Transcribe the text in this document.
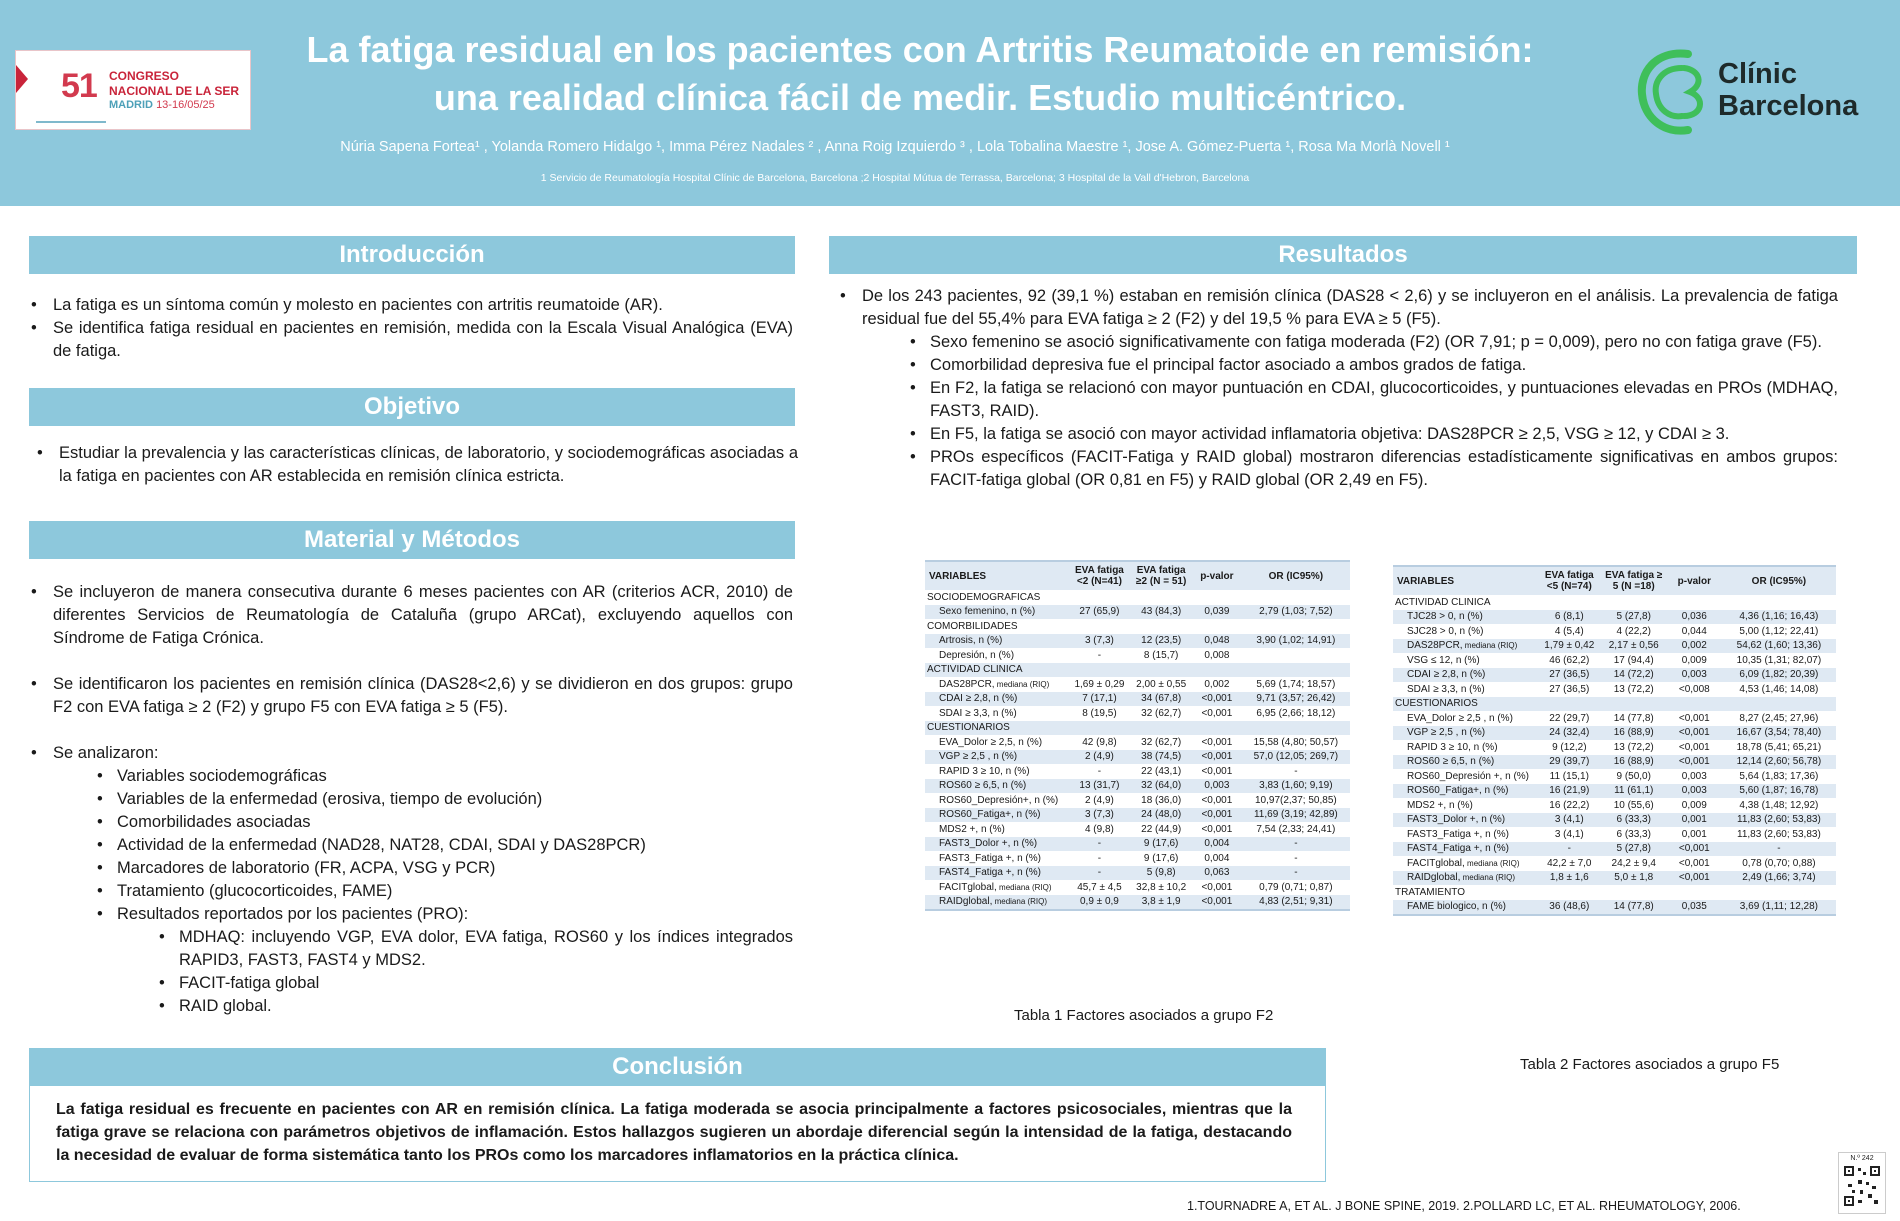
51 CONGRESO
NACIONAL DE LA SER
MADRID 13-16/05/25
La fatiga residual en los pacientes con Artritis Reumatoide en remisión:
una realidad clínica fácil de medir. Estudio multicéntrico.
Núria Sapena Fortea¹ , Yolanda Romero Hidalgo ¹, Imma Pérez Nadales ² , Anna Roig Izquierdo ³ , Lola Tobalina Maestre ¹, Jose A. Gómez-Puerta ¹, Rosa Ma Morlà Novell ¹
1 Servicio de Reumatología Hospital Clínic de Barcelona, Barcelona ;2 Hospital Mútua de Terrassa, Barcelona; 3 Hospital de la Vall d'Hebron, Barcelona
Clínic
Barcelona
Introducción
• La fatiga es un síntoma común y molesto en pacientes con artritis reumatoide (AR).
• Se identifica fatiga residual en pacientes en remisión, medida con la Escala Visual Analógica (EVA) de fatiga.
Objetivo
• Estudiar la prevalencia y las características clínicas, de laboratorio, y sociodemográficas asociadas a la fatiga en pacientes con AR establecida en remisión clínica estricta.
Material y Métodos
• Se incluyeron de manera consecutiva durante 6 meses pacientes con AR (criterios ACR, 2010) de diferentes Servicios de Reumatología de Cataluña (grupo ARCat), excluyendo aquellos con Síndrome de Fatiga Crónica.
• Se identificaron los pacientes en remisión clínica (DAS28<2,6) y se dividieron en dos grupos: grupo F2 con EVA fatiga ≥ 2 (F2) y grupo F5 con EVA fatiga ≥ 5 (F5).
• Se analizaron:
• Variables sociodemográficas
• Variables de la enfermedad (erosiva, tiempo de evolución)
• Comorbilidades asociadas
• Actividad de la enfermedad (NAD28, NAT28, CDAI, SDAI y DAS28PCR)
• Marcadores de laboratorio (FR, ACPA, VSG y PCR)
• Tratamiento (glucocorticoides, FAME)
• Resultados reportados por los pacientes (PRO):
• MDHAQ: incluyendo VGP, EVA dolor, EVA fatiga, ROS60 y los índices integrados RAPID3, FAST3, FAST4 y MDS2.
• FACIT-fatiga global
• RAID global.
Resultados
• De los 243 pacientes, 92 (39,1 %) estaban en remisión clínica (DAS28 < 2,6) y se incluyeron en el análisis. La prevalencia de fatiga residual fue del 55,4% para EVA fatiga ≥ 2 (F2) y del 19,5 % para EVA ≥ 5 (F5).
• Sexo femenino se asoció significativamente con fatiga moderada (F2) (OR 7,91; p = 0,009), pero no con fatiga grave (F5).
• Comorbilidad depresiva fue el principal factor asociado a ambos grados de fatiga.
• En F2, la fatiga se relacionó con mayor puntuación en CDAI, glucocorticoides, y puntuaciones elevadas en PROs (MDHAQ, FAST3, RAID).
• En F5, la fatiga se asoció con mayor actividad inflamatoria objetiva: DAS28PCR ≥ 2,5, VSG ≥ 12, y CDAI ≥ 3.
• PROs específicos (FACIT-Fatiga y RAID global) mostraron diferencias estadísticamente significativas en ambos grupos: FACIT-fatiga global (OR 0,81 en F5) y RAID global (OR 2,49 en F5).
VARIABLES	EVA fatiga <2 (N=41)	EVA fatiga ≥2 (N = 51)	p-valor	OR (IC95%)
SOCIODEMOGRAFICAS				
Sexo femenino, n (%)	27 (65,9)	43 (84,3)	0,039	2,79 (1,03; 7,52)
COMORBILIDADES				
Artrosis, n (%)	3 (7,3)	12 (23,5)	0,048	3,90 (1,02; 14,91)
Depresión, n (%)	-	8 (15,7)	0,008	
ACTIVIDAD CLINICA				
DAS28PCR, mediana (RIQ)	1,69 ± 0,29	2,00 ± 0,55	0,002	5,69 (1,74; 18,57)
CDAI ≥ 2,8, n (%)	7 (17,1)	34 (67,8)	<0,001	9,71 (3,57; 26,42)
SDAI ≥ 3,3, n (%)	8 (19,5)	32 (62,7)	<0,001	6,95 (2,66; 18,12)
CUESTIONARIOS				
EVA_Dolor ≥ 2,5, n (%)	42 (9,8)	32 (62,7)	<0,001	15,58 (4,80; 50,57)
VGP ≥ 2,5 , n (%)	2 (4,9)	38 (74,5)	<0,001	57,0 (12,05; 269,7)
RAPID 3 ≥ 10, n (%)	-	22 (43,1)	<0,001	-
ROS60 ≥ 6,5, n (%)	13 (31,7)	32 (64,0)	0,003	3,83 (1,60; 9,19)
ROS60_Depresión+, n (%)	2 (4,9)	18 (36,0)	<0,001	10,97(2,37; 50,85)
ROS60_Fatiga+, n (%)	3 (7,3)	24 (48,0)	<0,001	11,69 (3,19; 42,89)
MDS2 +, n (%)	4 (9,8)	22 (44,9)	<0,001	7,54 (2,33; 24,41)
FAST3_Dolor +, n (%)	-	9 (17,6)	0,004	-
FAST3_Fatiga +, n (%)	-	9 (17,6)	0,004	-
FAST4_Fatiga +, n (%)	-	5 (9,8)	0,063	-
FACITglobal, mediana (RIQ)	45,7 ± 4,5	32,8 ± 10,2	<0,001	0,79 (0,71; 0,87)
RAIDglobal, mediana (RIQ)	0,9 ± 0,9	3,8 ± 1,9	<0,001	4,83 (2,51; 9,31)
Tabla 1 Factores asociados a grupo F2
VARIABLES	EVA fatiga <5 (N=74)	EVA fatiga ≥ 5 (N =18)	p-valor	OR (IC95%)
ACTIVIDAD CLINICA				
TJC28 > 0, n (%)	6 (8,1)	5 (27,8)	0,036	4,36 (1,16; 16,43)
SJC28 > 0, n (%)	4 (5,4)	4 (22,2)	0,044	5,00 (1,12; 22,41)
DAS28PCR, mediana (RIQ)	1,79 ± 0,42	2,17 ± 0,56	0,002	54,62 (1,60; 13,36)
VSG ≤ 12, n (%)	46 (62,2)	17 (94,4)	0,009	10,35 (1,31; 82,07)
CDAI ≥ 2,8, n (%)	27 (36,5)	14 (72,2)	0,003	6,09 (1,82; 20,39)
SDAI ≥ 3,3, n (%)	27 (36,5)	13 (72,2)	<0,008	4,53 (1,46; 14,08)
CUESTIONARIOS				
EVA_Dolor ≥ 2,5 , n (%)	22 (29,7)	14 (77,8)	<0,001	8,27 (2,45; 27,96)
VGP ≥ 2,5 , n (%)	24 (32,4)	16 (88,9)	<0,001	16,67 (3,54; 78,40)
RAPID 3 ≥ 10, n (%)	9 (12,2)	13 (72,2)	<0,001	18,78 (5,41; 65,21)
ROS60 ≥ 6,5, n (%)	29 (39,7)	16 (88,9)	<0,001	12,14 (2,60; 56,78)
ROS60_Depresión +, n (%)	11 (15,1)	9 (50,0)	0,003	5,64 (1,83; 17,36)
ROS60_Fatiga+, n (%)	16 (21,9)	11 (61,1)	0,003	5,60 (1,87; 16,78)
MDS2 +, n (%)	16 (22,2)	10 (55,6)	0,009	4,38 (1,48; 12,92)
FAST3_Dolor +, n (%)	3 (4,1)	6 (33,3)	0,001	11,83 (2,60; 53,83)
FAST3_Fatiga +, n (%)	3 (4,1)	6 (33,3)	0,001	11,83 (2,60; 53,83)
FAST4_Fatiga +, n (%)	-	5 (27,8)	<0,001	-
FACITglobal, mediana (RIQ)	42,2 ± 7,0	24,2 ± 9,4	<0,001	0,78 (0,70; 0,88)
RAIDglobal, mediana (RIQ)	1,8 ± 1,6	5,0 ± 1,8	<0,001	2,49 (1,66; 3,74)
TRATAMIENTO				
FAME biologico, n (%)	36 (48,6)	14 (77,8)	0,035	3,69 (1,11; 12,28)
Tabla 2 Factores asociados a grupo F5
Conclusión
La fatiga residual es frecuente en pacientes con AR en remisión clínica. La fatiga moderada se asocia principalmente a factores psicosociales, mientras que la fatiga grave se relaciona con parámetros objetivos de inflamación. Estos hallazgos sugieren un abordaje diferencial según la intensidad de la fatiga, destacando la necesidad de evaluar de forma sistemática tanto los PROs como los marcadores inflamatorios en la práctica clínica.
1.TOURNADRE A, ET AL. J BONE SPINE, 2019. 2.POLLARD LC, ET AL. RHEUMATOLOGY, 2006.
N.º 242
